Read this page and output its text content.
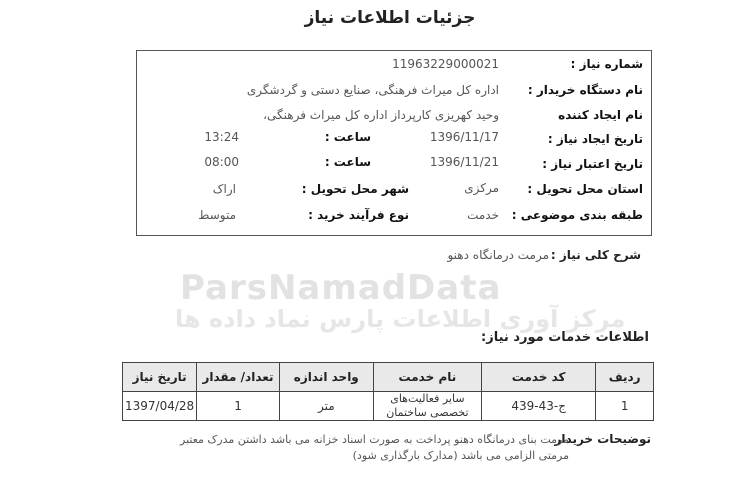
جزئیات اطلاعات نیاز
ParsNamadData
مرکز آوری اطلاعات پارس نماد داده ها
شماره نیاز :
11963229000021
نام دستگاه خریدار :
اداره کل میراث فرهنگی، صنایع دستی و گردشگری
نام ایجاد کننده
وحید کهریزی کارپرداز اداره کل میراث فرهنگی،
تاریخ ایجاد نیاز :
1396/11/17
ساعت :
13:24
تاریخ اعتبار نیاز :
1396/11/21
ساعت :
08:00
استان محل تحویل :
مرکزی
شهر محل تحویل :
اراک
طبقه بندی موضوعی :
خدمت
نوع فرآیند خرید :
متوسط
شرح کلی نیاز :
مرمت درمانگاه دهنو
اطلاعات خدمات مورد نیاز:
ردیف	کد خدمت	نام خدمت	واحد اندازه	تعداد/ مقدار	تاریخ نیاز
1	ج-43-439	سایر فعالیت‌های تخصصی ساختمان	متر	1	1397/04/28
توضیحات خریدار
مرمت بنای درمانگاه دهنو پرداخت به صورت اسناد خزانه می باشد داشتن مدرک معتبر مرمتی الزامی می باشد (مدارک بارگذاری شود)
